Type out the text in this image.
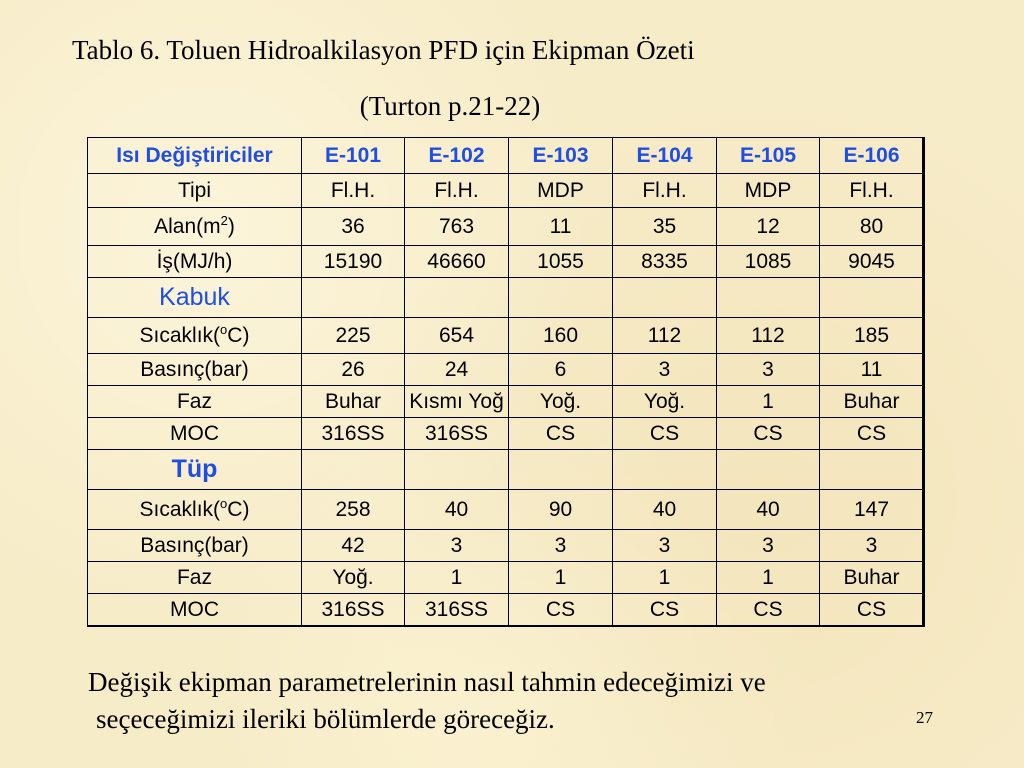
Tablo 6. Toluen Hidroalkilasyon PFD için Ekipman Özeti
(Turton p.21-22)
Isı Değiştiriciler	E-101	E-102	E-103	E-104	E-105	E-106
Tipi	Fl.H.	Fl.H.	MDP	Fl.H.	MDP	Fl.H.
$Alan(m^2)$	36	763	11	35	12	80
İş(MJ/h)	15190	46660	1055	8335	1085	9045
Kabuk						
Sıcaklık($^o$C)	225	654	160	112	112	185
Basınç(bar)	26	24	6	3	3	11
Faz	Buhar	Kısmı Yoğ	Yoğ.	Yoğ.	1	Buhar
MOC	316SS	316SS	CS	CS	CS	CS
Tüp						
Sıcaklık($^o$C)	258	40	90	40	40	147
Basınç(bar)	42	3	3	3	3	3
Faz	Yoğ.	1	1	1	1	Buhar
MOC	316SS	316SS	CS	CS	CS	CS
Değişik ekipman parametrelerinin nasıl tahmin edeceğimizi ve
seçeceğimizi ileriki bölümlerde göreceğiz.	27
